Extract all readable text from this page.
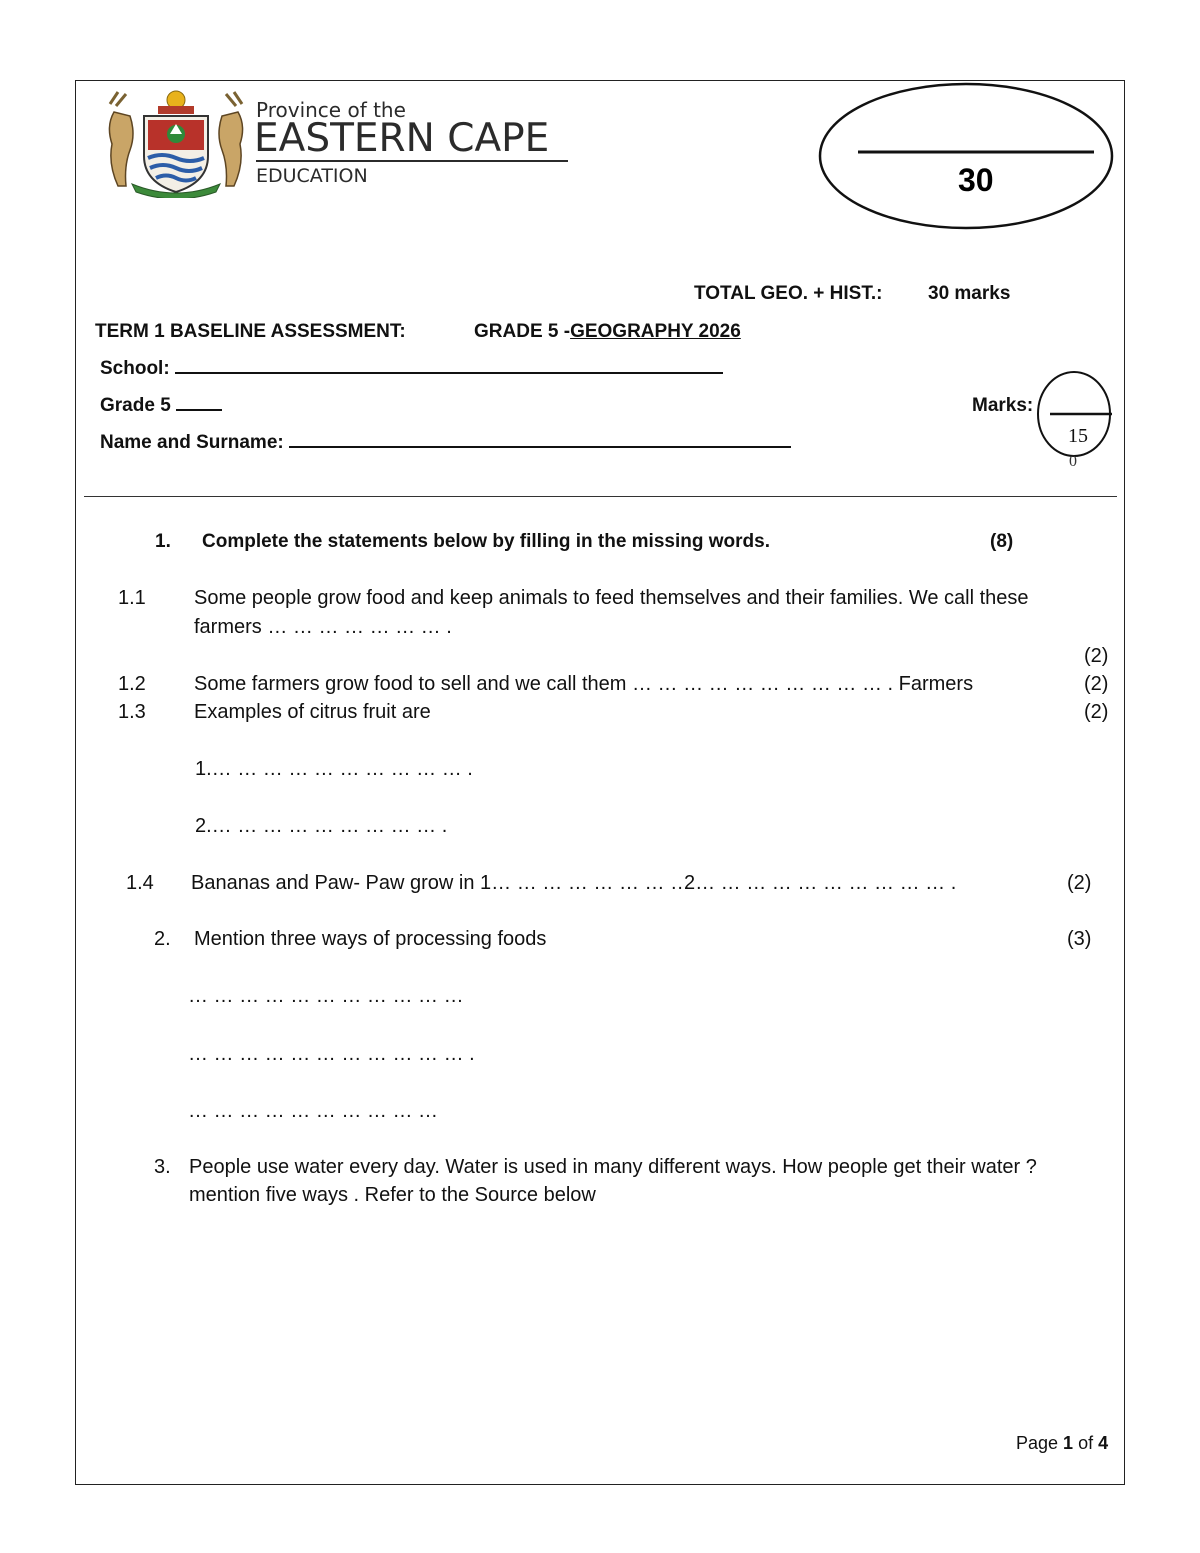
Province of the
EASTERN CAPE
EDUCATION	30
TOTAL GEO. + HIST.: 30 marks
TERM 1 BASELINE ASSESSMENT:	GRADE 5 -GEOGRAPHY 2026
School:
Grade 5
Name and Surname:
Marks:
15
0
1. Complete the statements below by filling in the missing words.	(8)
1.1 Some people grow food and keep animals to feed themselves and their families. We call these
farmers … … … … … … … .
(2)
1.2 Some farmers grow food to sell and we call them … … … … … … … … … … . Farmers	(2)
1.3 Examples of citrus fruit are	(2)
1.… … … … … … … … … … .
2.… … … … … … … … … .
1.4 Bananas and Paw- Paw grow in 1… … … … … … … …
2… … … … … … … … … … .	(2)
2. Mention three ways of processing foods	(3)
… … … … … … … … … … …
… … … … … … … … … … … .
… … … … … … … … … …
3. People use water every day. Water is used in many different ways. How people get their water ?
mention five ways . Refer to the Source below
Page 1 of 4
